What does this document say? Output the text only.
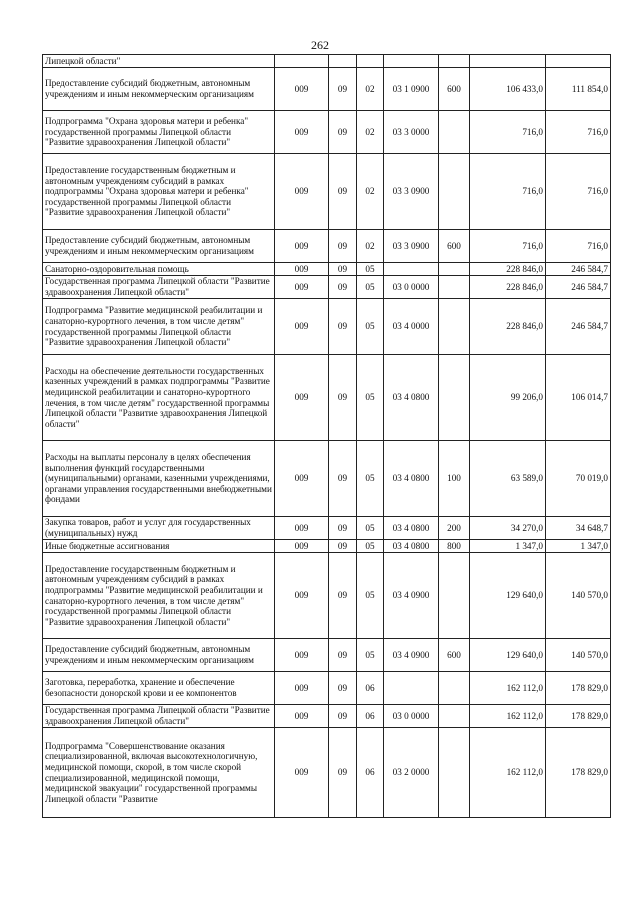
262
Липецкой области"							
Предоставление субсидий бюджетным, автономным учреждениям и иным некоммерческим организациям	009	09	02	03 1 0900	600	106 433,0	111 854,0
Подпрограмма "Охрана здоровья матери и ребенка" государственной программы Липецкой области "Развитие здравоохранения Липецкой области"	009	09	02	03 3 0000		716,0	716,0
Предоставление государственным бюджетным и автономным учреждениям субсидий в рамках подпрограммы "Охрана здоровья матери и ребенка" государственной программы Липецкой области "Развитие здравоохранения Липецкой области"	009	09	02	03 3 0900		716,0	716,0
Предоставление субсидий бюджетным, автономным учреждениям и иным некоммерческим организациям	009	09	02	03 3 0900	600	716,0	716,0
Санаторно-оздоровительная помощь	009	09	05			228 846,0	246 584,7
Государственная программа Липецкой области "Развитие здравоохранения Липецкой области"	009	09	05	03 0 0000		228 846,0	246 584,7
Подпрограмма "Развитие медицинской реабилитации и санаторно-курортного лечения, в том числе детям" государственной программы Липецкой области "Развитие здравоохранения Липецкой области"	009	09	05	03 4 0000		228 846,0	246 584,7
Расходы на обеспечение деятельности государственных казенных учреждений в рамках подпрограммы "Развитие медицинской реабилитации и санаторно-курортного лечения, в том числе детям" государственной программы Липецкой области "Развитие здравоохранения Липецкой области"	009	09	05	03 4 0800		99 206,0	106 014,7
Расходы на выплаты персоналу в целях обеспечения выполнения функций государственными (муниципальными) органами, казенными учреждениями, органами управления государственными внебюджетными фондами	009	09	05	03 4 0800	100	63 589,0	70 019,0
Закупка товаров, работ и услуг для государственных (муниципальных) нужд	009	09	05	03 4 0800	200	34 270,0	34 648,7
Иные бюджетные ассигнования	009	09	05	03 4 0800	800	1 347,0	1 347,0
Предоставление государственным бюджетным и автономным учреждениям субсидий в рамках подпрограммы "Развитие медицинской реабилитации и санаторно-курортного лечения, в том числе детям" государственной программы Липецкой области "Развитие здравоохранения Липецкой области"	009	09	05	03 4 0900		129 640,0	140 570,0
Предоставление субсидий бюджетным, автономным учреждениям и иным некоммерческим организациям	009	09	05	03 4 0900	600	129 640,0	140 570,0
Заготовка, переработка, хранение и обеспечение безопасности донорской крови и ее компонентов	009	09	06			162 112,0	178 829,0
Государственная программа Липецкой области "Развитие здравоохранения Липецкой области"	009	09	06	03 0 0000		162 112,0	178 829,0
Подпрограмма "Совершенствование оказания специализированной, включая высокотехнологичную, медицинской помощи, скорой, в том числе скорой специализированной, медицинской помощи, медицинской эвакуации" государственной программы Липецкой области "Развитие	009	09	06	03 2 0000		162 112,0	178 829,0
